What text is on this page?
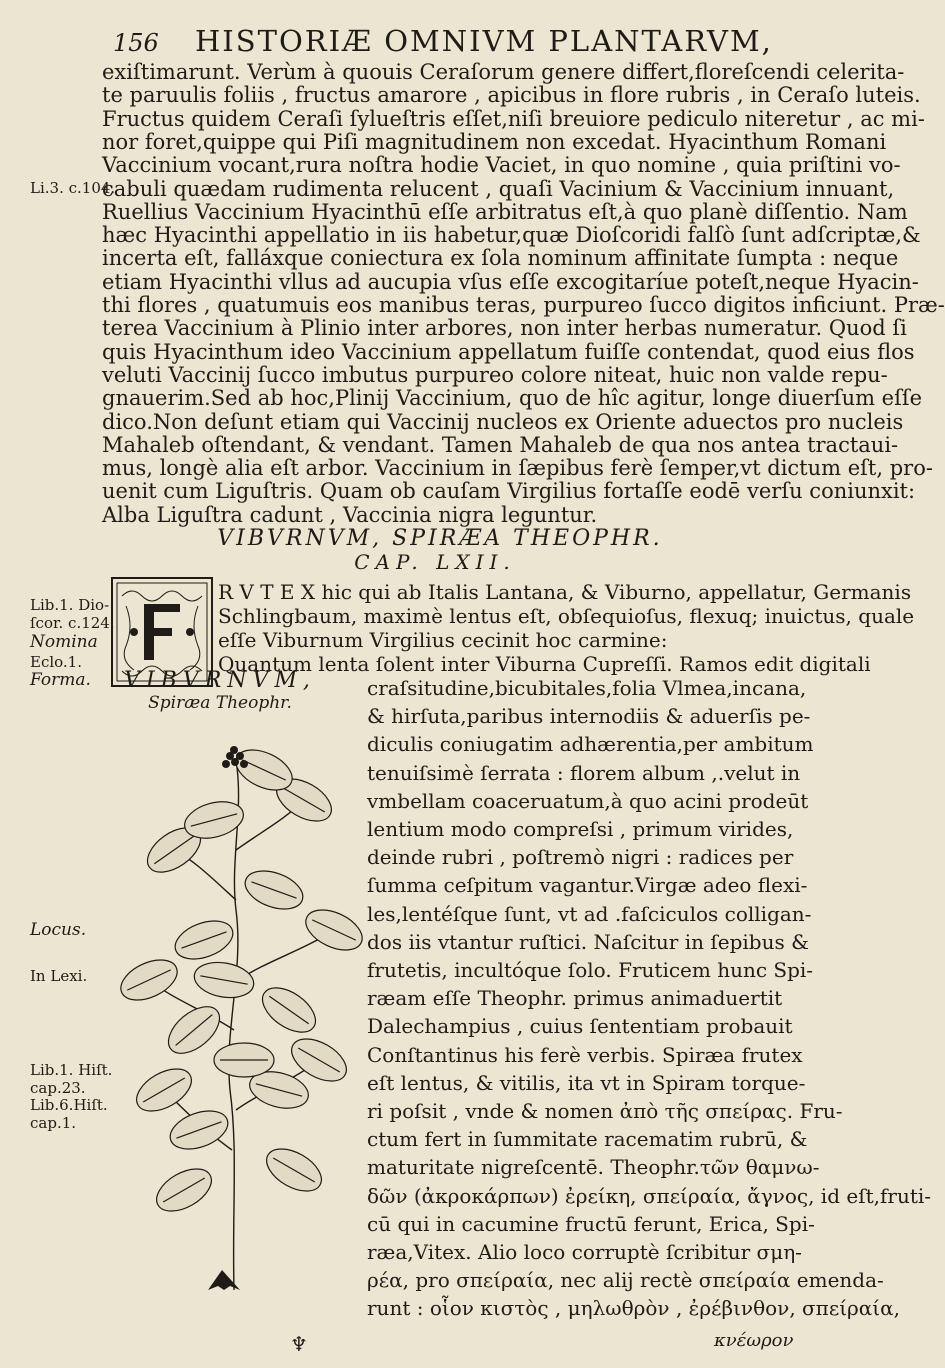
156	HISTORIÆ OMNIVM PLANTARVM,
exiſtimarunt. Verùm à quouis Ceraſorum genere differt,floreſcendi celerita-
te paruulis foliis , fructus amarore , apicibus in flore rubris , in Ceraſo luteis.
Fructus quidem Ceraſi ſylueſtris eſſet,niſi breuiore pediculo niteretur , ac mi-
nor foret,quippe qui Piſi magnitudinem non excedat. Hyacinthum Romani
Vaccinium vocant,rura noſtra hodie Vaciet, in quo nomine , quia priſtini vo-
cabuli quædam rudimenta relucent , quaſi Vacinium & Vaccinium innuant,
Ruellius Vaccinium Hyacinthū eſſe arbitratus eſt,à quo planè diſſentio. Nam
hæc Hyacinthi appellatio in iis habetur,quæ Dioſcoridi falſò ſunt adſcriptæ,&
incerta eſt, falláxque coniectura ex ſola nominum affinitate ſumpta : neque
etiam Hyacinthi vllus ad aucupia vſus eſſe excogitaríue poteſt,neque Hyacin-
thi flores , quatumuis eos manibus teras, purpureo ſucco digitos inficiunt. Præ-
terea Vaccinium à Plinio inter arbores, non inter herbas numeratur. Quod ſi
quis Hyacinthum ideo Vaccinium appellatum fuiſſe contendat, quod eius flos
veluti Vaccinij ſucco imbutus purpureo colore niteat, huic non valde repu-
gnauerim.Sed ab hoc,Plinij Vaccinium, quo de hîc agitur, longe diuerſum eſſe
dico.Non deſunt etiam qui Vaccinij nucleos ex Oriente aduectos pro nucleis
Mahaleb oſtendant, & vendant. Tamen Mahaleb de qua nos antea tractaui-
mus, longè alia eſt arbor. Vaccinium in ſæpibus ferè ſemper,vt dictum eſt, pro-
uenit cum Liguſtris. Quam ob cauſam Virgilius fortaſſe eodē verſu coniunxit:
Alba Liguſtra cadunt , Vaccinia nigra leguntur.
VIBVRNVM, SPIRÆA THEOPHR.
CAP. LXII.
R V T E X hic qui ab Italis Lantana, & Viburno, appellatur, Germanis
Schlingbaum, maximè lentus eſt, obſequioſus, flexuq; inuictus, quale
eſſe Viburnum Virgilius cecinit hoc carmine:
Quantum lenta ſolent inter Viburna Cupreſſi. Ramos edit digitali
VIBVRNVM,
Spiræa Theophr.
craſsitudine,bicubitales,folia Vlmea,incana,
& hirſuta,paribus internodiis & aduerſis pe-
diculis coniugatim adhærentia,per ambitum
tenuiſsimè ſerrata : florem album ,.velut in
vmbellam coaceruatum,à quo acini prodeūt
lentium modo compreſsi , primum virides,
deinde rubri , poſtremò nigri : radices per
ſumma ceſpitum vagantur.Virgæ adeo flexi-
les,lentéſque ſunt, vt ad .faſciculos colligan-
dos iis vtantur ruſtici. Naſcitur in ſepibus &
frutetis, incultóque ſolo. Fruticem hunc Spi-
ræam eſſe Theophr. primus animaduertit
Dalechampius , cuius ſententiam probauit
Conſtantinus his ferè verbis. Spiræa frutex
eſt lentus, & vitilis, ita vt in Spiram torque-
ri poſsit , vnde & nomen ἀπὸ τῆς σπείρας. Fru-
ctum fert in ſummitate racematim rubrū, &
maturitate nigreſcentē. Theophr.τῶν θαμνω-
δῶν (ἀκροκάρπων) ἐρείκη, σπείραία, ἄγνος, id eſt,fruti-
cū qui in cacumine fructū ferunt, Erica, Spi-
ræa,Vitex. Alio loco corruptè ſcribitur σμη-
ρέα, pro σπείραία, nec alij rectè σπείραία emenda-
runt : οἷον κιστὸς , μηλωθρὸν , ἐρέβινθον, σπείραία,
Li.3. c.104.
Lib.1. Dio-
ſcor. c.124.
Nomina
Eclo.1.
Forma.
Locus.
In Lexi.
Lib.1. Hiſt.
cap.23.
Lib.6.Hiſt.
cap.1.
♆	κνέωρον
